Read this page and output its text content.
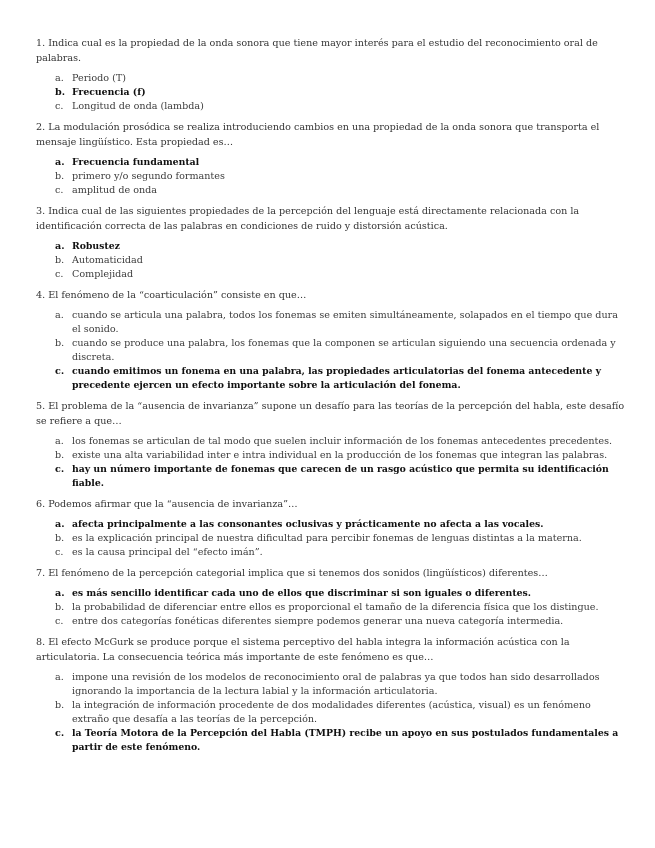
1. Indica cual es la propiedad de la onda sonora que tiene mayor interés para el estudio del reconocimiento oral de palabras.

a. Periodo (T)
b. Frecuencia (f)
c. Longitud de onda (lambda)

2. La modulación prosódica se realiza introduciendo cambios en una propiedad de la onda sonora que transporta el mensaje lingüístico. Esta propiedad es…

a. Frecuencia fundamental
b. primero y/o segundo formantes
c. amplitud de onda

3. Indica cual de las siguientes propiedades de la percepción del lenguaje está directamente relacionada con la identificación correcta de las palabras en condiciones de ruido y distorsión acústica.

a. Robustez
b. Automaticidad
c. Complejidad

4. El fenómeno de la “coarticulación” consiste en que…

a. cuando se articula una palabra, todos los fonemas se emiten simultáneamente, solapados en el tiempo que dura el sonido.
b. cuando se produce una palabra, los fonemas que la componen se articulan siguiendo una secuencia ordenada y discreta.
c. cuando emitimos un fonema en una palabra, las propiedades articulatorias del fonema antecedente y precedente ejercen un efecto importante sobre la articulación del fonema.

5. El problema de la “ausencia de invarianza” supone un desafío para las teorías de la percepción del habla, este desafío se refiere a que…

a. los fonemas se articulan de tal modo que suelen incluir información de los fonemas antecedentes precedentes.
b. existe una alta variabilidad inter e intra individual en la producción de los fonemas que integran las palabras.
c. hay un número importante de fonemas que carecen de un rasgo acústico que permita su identificación fiable.

6. Podemos afirmar que la “ausencia de invarianza”…

a. afecta principalmente a las consonantes oclusivas y prácticamente no afecta a las vocales.
b. es la explicación principal de nuestra dificultad para percibir fonemas de lenguas distintas a la materna.
c. es la causa principal del “efecto imán”.

7. El fenómeno de la percepción categorial implica que si tenemos dos sonidos (lingüísticos) diferentes…

a. es más sencillo identificar cada uno de ellos que discriminar si son iguales o diferentes.
b. la probabilidad de diferenciar entre ellos es proporcional el tamaño de la diferencia física que los distingue.
c. entre dos categorías fonéticas diferentes siempre podemos generar una nueva categoría intermedia.

8. El efecto McGurk se produce porque el sistema perceptivo del habla integra la información acústica con la articulatoria. La consecuencia teórica más importante de este fenómeno es que…

a. impone una revisión de los modelos de reconocimiento oral de palabras ya que todos han sido desarrollados ignorando la importancia de la lectura labial y la información articulatoria.
b. la integración de información procedente de dos modalidades diferentes (acústica, visual) es un fenómeno extraño que desafía a las teorías de la percepción.
c. la Teoría Motora de la Percepción del Habla (TMPH) recibe un apoyo en sus postulados fundamentales a partir de este fenómeno.
